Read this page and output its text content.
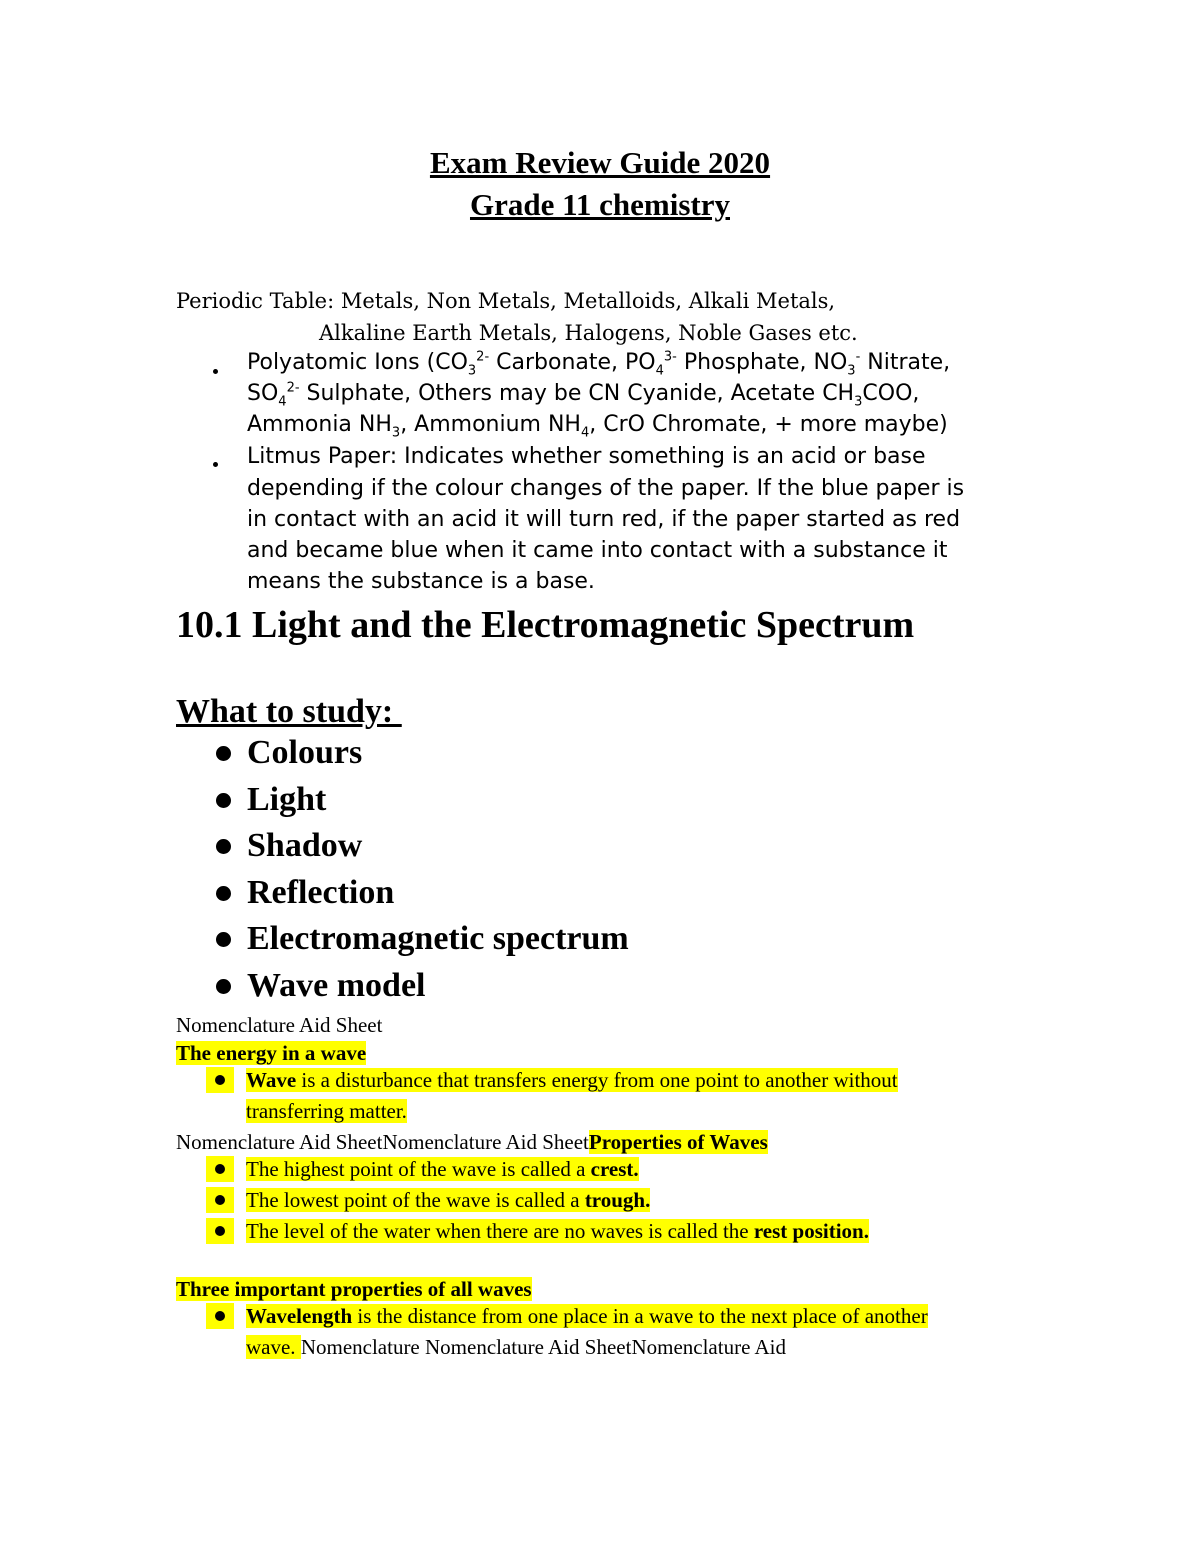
Exam Review Guide 2020
Grade 11 chemistry
Periodic Table: Metals, Non Metals, Metalloids, Alkali Metals,
Alkaline Earth Metals, Halogens, Noble Gases etc.
Polyatomic Ions ($CO_3^{2-}$ Carbonate, $PO_4^{3-}$ Phosphate, $NO_3^-$ Nitrate,
$SO_4^{2-}$ Sulphate, Others may be CN Cyanide, Acetate $CH_3COO$,
Ammonia $NH_3$, Ammonium $NH_4$, CrO Chromate, + more maybe)
Litmus Paper: Indicates whether something is an acid or base
depending if the colour changes of the paper. If the blue paper is
in contact with an acid it will turn red, if the paper started as red
and became blue when it came into contact with a substance it
means the substance is a base.
10.1 Light and the Electromagnetic Spectrum
What to study:
Colours
Light
Shadow
Reflection
Electromagnetic spectrum
Wave model
Nomenclature Aid Sheet
The energy in a wave
Wave is a disturbance that transfers energy from one point to another without
transferring matter.
Nomenclature Aid SheetNomenclature Aid SheetProperties of Waves
The highest point of the wave is called a crest.
The lowest point of the wave is called a trough.
The level of the water when there are no waves is called the rest position.
Three important properties of all waves
Wavelength is the distance from one place in a wave to the next place of another
wave. Nomenclature Nomenclature Aid SheetNomenclature Aid
